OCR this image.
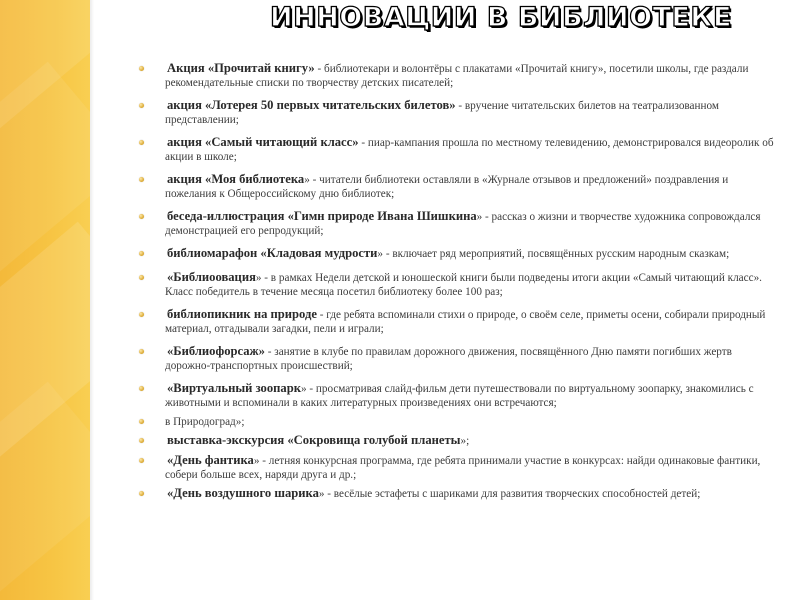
ИННОВАЦИИ В БИБЛИОТЕКЕ
Акция «Прочитай книгу» - библиотекари и волонтёры с плакатами «Прочитай книгу», посетили школы, где раздали рекомендательные списки по творчеству детских писателей;
акция «Лотерея 50 первых читательских билетов» - вручение читательских билетов на театрализованном представлении;
акция «Самый читающий класс» - пиар-кампания прошла по местному телевидению, демонстрировался видеоролик об акции в школе;
акция «Моя библиотека» - читатели библиотеки оставляли в «Журнале отзывов и предложений» поздравления и пожелания к Общероссийскому дню библиотек;
беседа-иллюстрация «Гимн природе Ивана Шишкина» - рассказ о жизни и творчестве художника сопровождался демонстрацией его репродукций;
библиомарафон «Кладовая мудрости» - включает ряд мероприятий, посвящённых русским народным сказкам;
«Библиоовация» - в рамках Недели детской и юношеской книги были подведены итоги акции «Самый читающий класс». Класс победитель в течение месяца посетил библиотеку более 100 раз;
библиопикник на природе - где ребята вспоминали стихи о природе, о своём селе, приметы осени, собирали природный материал, отгадывали загадки, пели и играли;
«Библиофорсаж» - занятие в клубе по правилам дорожного движения, посвящённого Дню памяти погибших жертв дорожно-транспортных происшествий;
«Виртуальный зоопарк» - просматривая слайд-фильм дети путешествовали по виртуальному зоопарку, знакомились с животными и вспоминали в каких литературных произведениях они встречаются;
в Природоград»;
выставка-экскурсия «Сокровища голубой планеты»;
«День фантика» - летняя конкурсная программа, где ребята принимали участие в конкурсах: найди одинаковые фантики, собери больше всех, наряди друга и др.;
«День воздушного шарика» - весёлые эстафеты с шариками для развития творческих способностей детей;
